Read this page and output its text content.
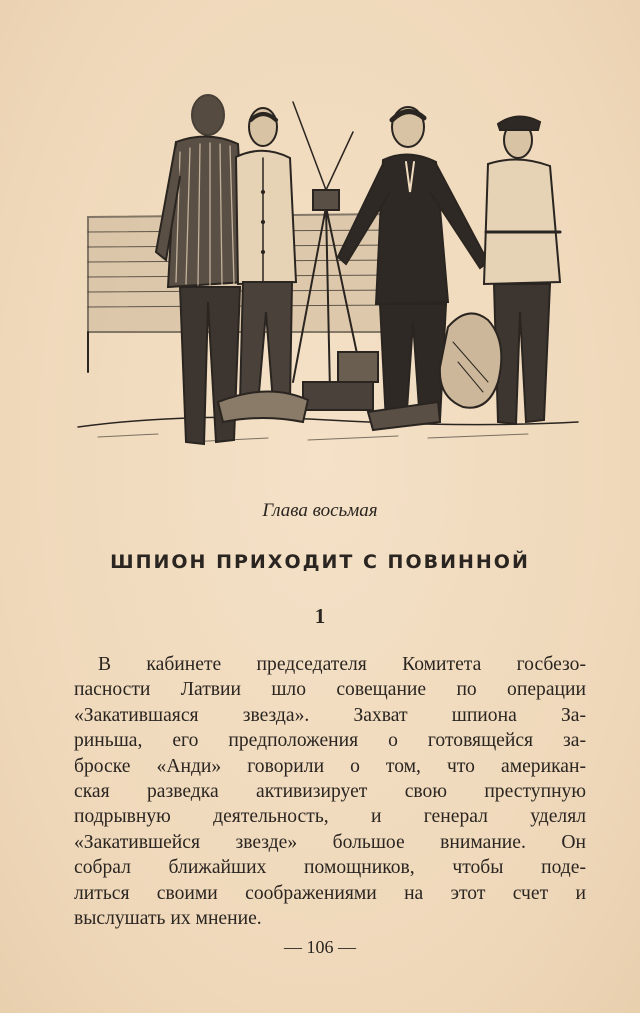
Глава восьмая
ШПИОН ПРИХОДИТ С ПОВИННОЙ
1
В кабинете председателя Комитета госбезо-
пасности Латвии шло совещание по операции
«Закатившаяся звезда». Захват шпиона За-
риньша, его предположения о готовящейся за-
броске «Анди» говорили о том, что американ-
ская разведка активизирует свою преступную
подрывную деятельность, и генерал уделял
«Закатившейся звезде» большое внимание. Он
собрал ближайших помощников, чтобы поде-
литься своими соображениями на этот счет и
выслушать их мнение.
— 106 —
